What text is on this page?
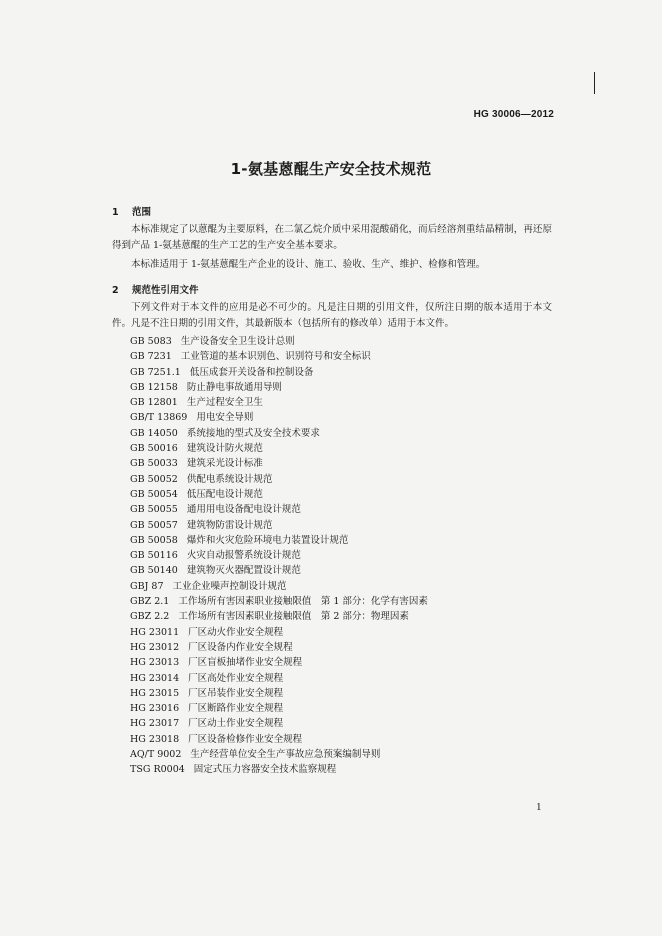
HG 30006—2012
1-氨基蒽醌生产安全技术规范
1 范围
本标准规定了以蒽醌为主要原料，在二氯乙烷介质中采用混酸硝化，而后经溶剂重结晶精制，再还原得到产品 1-氨基蒽醌的生产工艺的生产安全基本要求。
本标准适用于 1-氨基蒽醌生产企业的设计、施工、验收、生产、维护、检修和管理。
2 规范性引用文件
下列文件对于本文件的应用是必不可少的。凡是注日期的引用文件，仅所注日期的版本适用于本文件。凡是不注日期的引用文件，其最新版本（包括所有的修改单）适用于本文件。
GB 5083 生产设备安全卫生设计总则
GB 7231 工业管道的基本识别色、识别符号和安全标识
GB 7251.1 低压成套开关设备和控制设备
GB 12158 防止静电事故通用导则
GB 12801 生产过程安全卫生
GB/T 13869 用电安全导则
GB 14050 系统接地的型式及安全技术要求
GB 50016 建筑设计防火规范
GB 50033 建筑采光设计标准
GB 50052 供配电系统设计规范
GB 50054 低压配电设计规范
GB 50055 通用用电设备配电设计规范
GB 50057 建筑物防雷设计规范
GB 50058 爆炸和火灾危险环境电力装置设计规范
GB 50116 火灾自动报警系统设计规范
GB 50140 建筑物灭火器配置设计规范
GBJ 87 工业企业噪声控制设计规范
GBZ 2.1 工作场所有害因素职业接触限值　第 1 部分：化学有害因素
GBZ 2.2 工作场所有害因素职业接触限值　第 2 部分：物理因素
HG 23011 厂区动火作业安全规程
HG 23012 厂区设备内作业安全规程
HG 23013 厂区盲板抽堵作业安全规程
HG 23014 厂区高处作业安全规程
HG 23015 厂区吊装作业安全规程
HG 23016 厂区断路作业安全规程
HG 23017 厂区动土作业安全规程
HG 23018 厂区设备检修作业安全规程
AQ/T 9002 生产经营单位安全生产事故应急预案编制导则
TSG R0004 固定式压力容器安全技术监察规程
1
